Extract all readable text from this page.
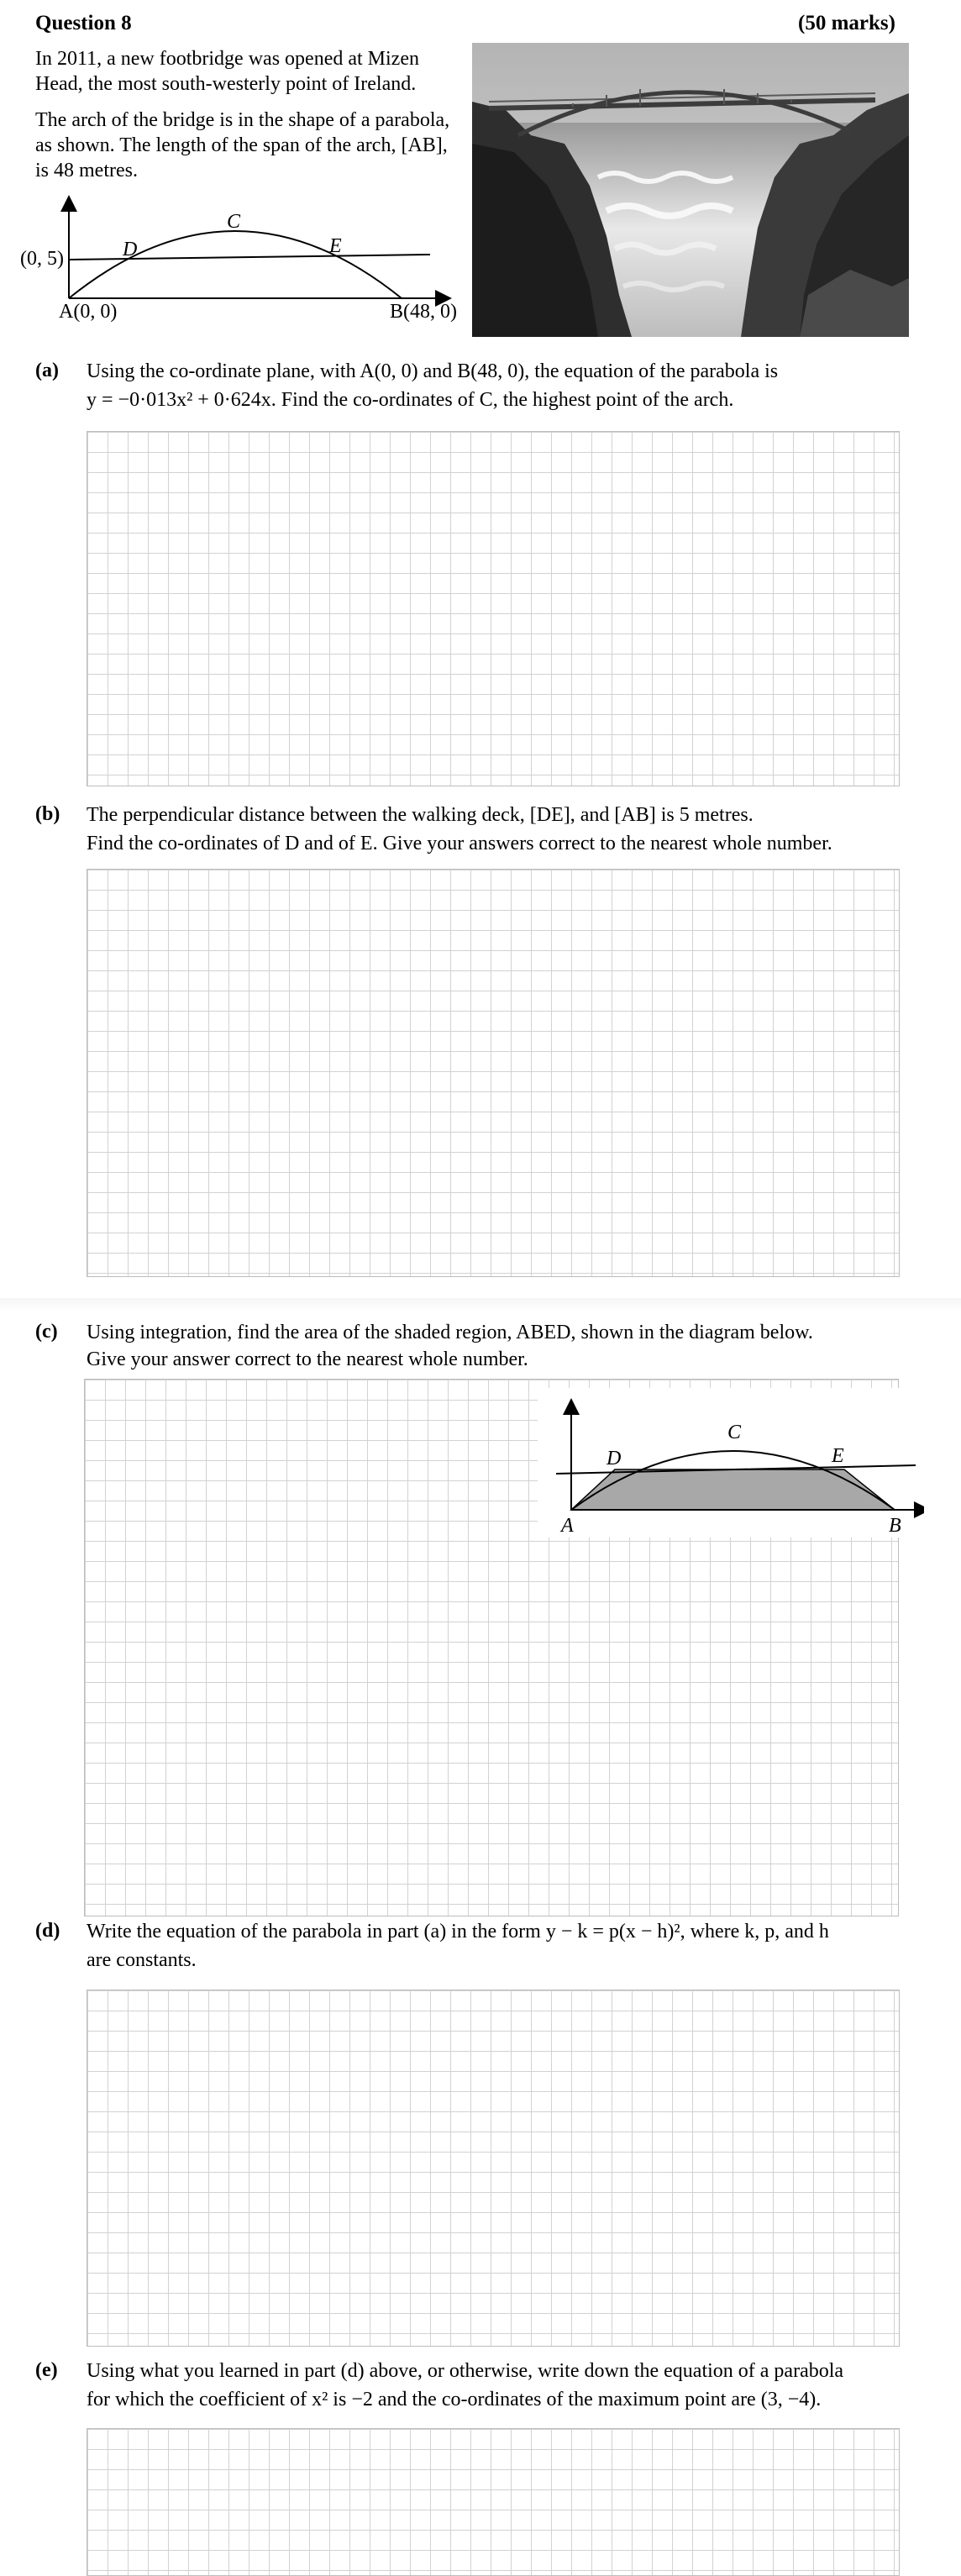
Question 8	(50 marks)
In 2011, a new footbridge was opened at Mizen Head, the most south-westerly point of Ireland.
The arch of the bridge is in the shape of a parabola, as shown. The length of the span of the arch, [AB], is 48 metres.
C
D	E
(0, 5)
A(0, 0)	B(48, 0)
(a) Using the co-ordinate plane, with A(0, 0) and B(48, 0), the equation of the parabola is
y = −0·013x² + 0·624x. Find the co-ordinates of C, the highest point of the arch.
(b) The perpendicular distance between the walking deck, [DE], and [AB] is 5 metres.
Find the co-ordinates of D and of E. Give your answers correct to the nearest whole number.
(c) Using integration, find the area of the shaded region, ABED, shown in the diagram below.
Give your answer correct to the nearest whole number.
C
D	E
A	B
(d) Write the equation of the parabola in part (a) in the form y − k = p(x − h)², where k, p, and h
are constants.
(e) Using what you learned in part (d) above, or otherwise, write down the equation of a parabola
for which the coefficient of x² is −2 and the co-ordinates of the maximum point are (3, −4).
